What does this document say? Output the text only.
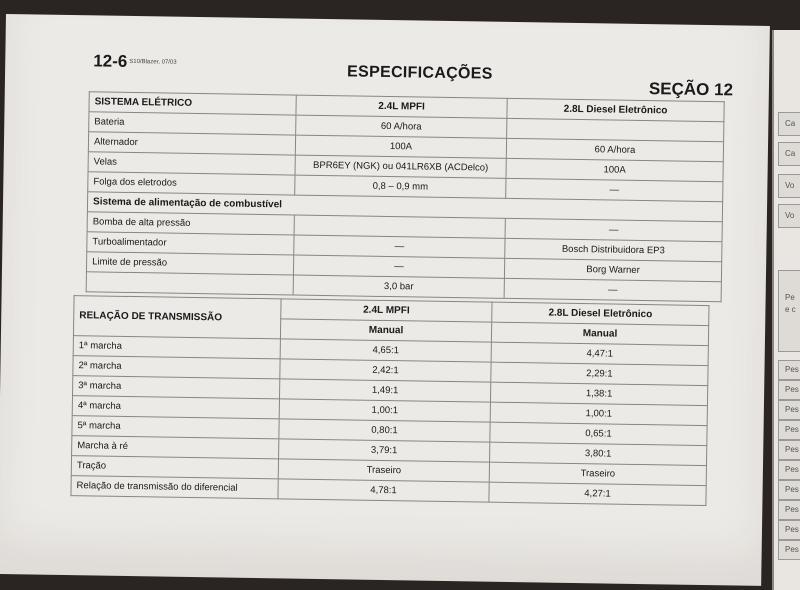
12-6 S10/Blazer, 07/03
ESPECIFICAÇÕES
SEÇÃO 12
SISTEMA ELÉTRICO	2.4L MPFI	2.8L Diesel Eletrônico
Bateria	60 A/hora	
Alternador	100A	60 A/hora
Velas	BPR6EY (NGK) ou 041LR6XB (ACDelco)	100A
Folga dos eletrodos	0,8 – 0,9 mm	—
Sistema de alimentação de combustível		
Bomba de alta pressão		—
Turboalimentador	—	Bosch Distribuidora EP3
Limite de pressão	—	Borg Warner
	3,0 bar	—
RELAÇÃO DE TRANSMISSÃO	2.4L MPFI	2.8L Diesel Eletrônico
	Manual	Manual
1ª marcha	4,65:1	4,47:1
2ª marcha	2,42:1	2,29:1
3ª marcha	1,49:1	1,38:1
4ª marcha	1,00:1	1,00:1
5ª marcha	0,80:1	0,65:1
Marcha à ré	3,79:1	3,80:1
Tração	Traseiro	Traseiro
Relação de transmissão do diferencial	4,78:1	4,27:1
Ca
Ca
Vo
Vo
Pe
e c
Pes
Pes
Pes
Pes
Pes
Pes
Pes
Pes
Pes
Pes
